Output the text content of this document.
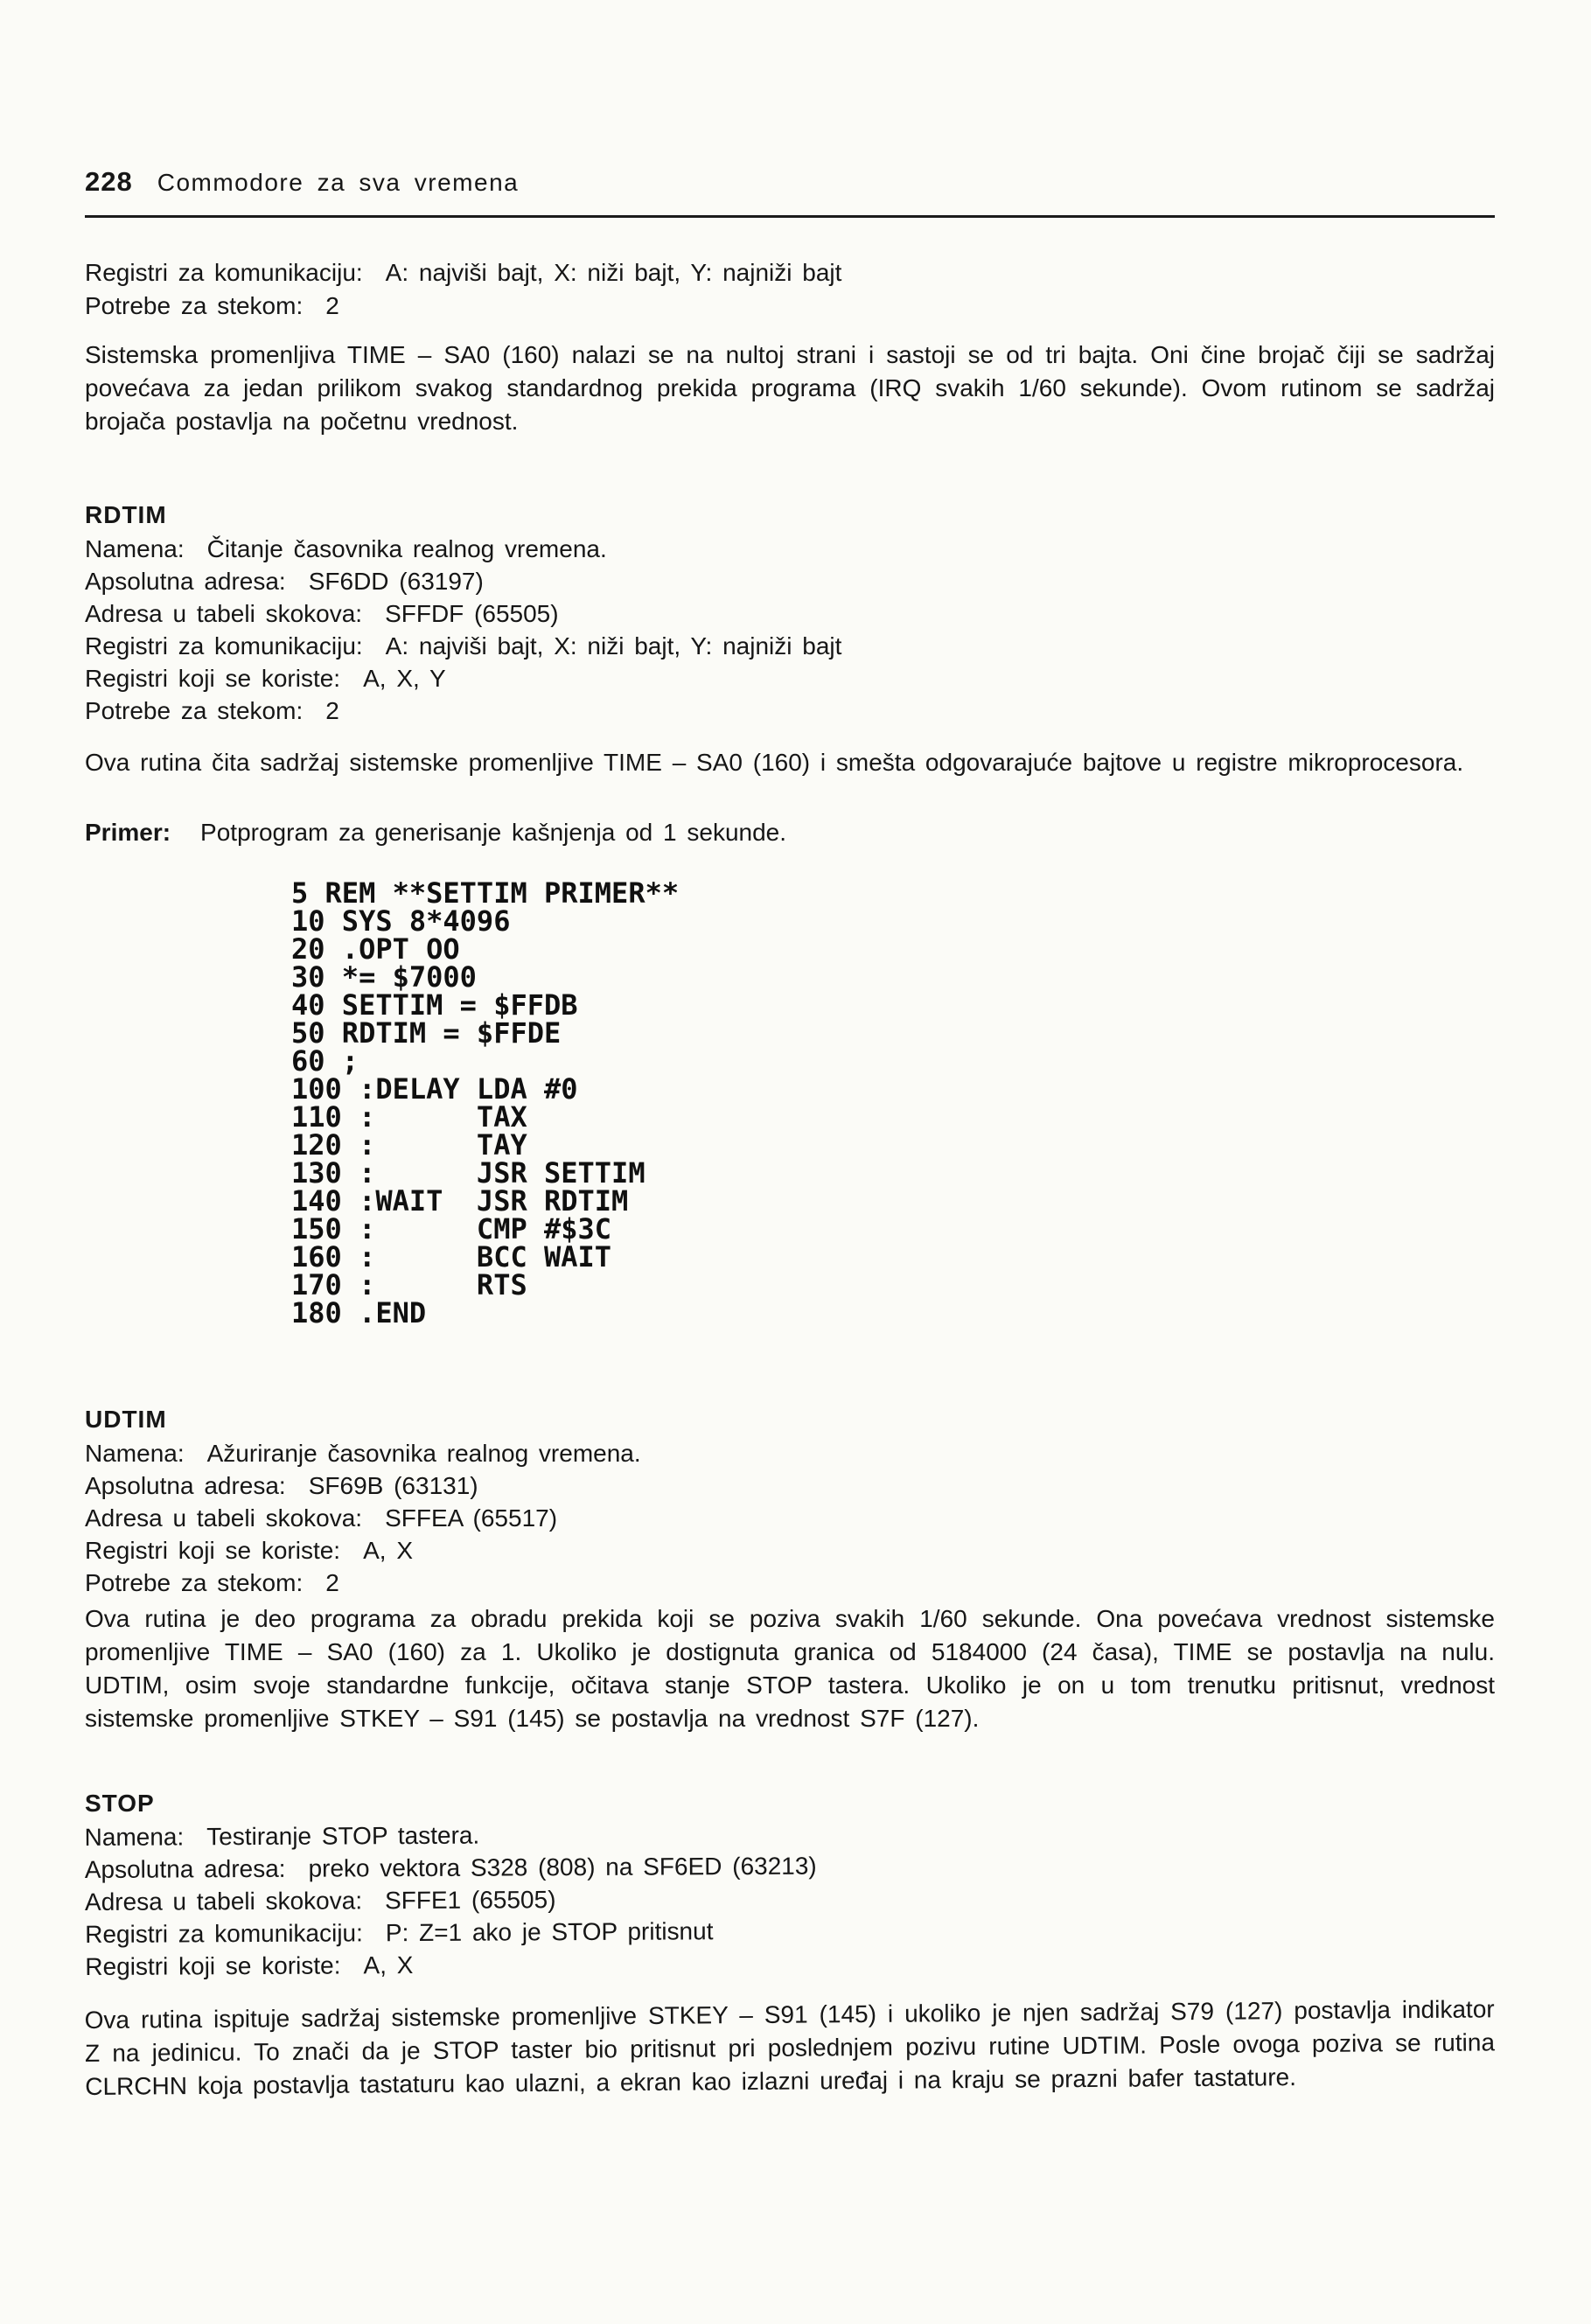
228 Commodore za sva vremena
Registri za komunikaciju: A: najviši bajt, X: niži bajt, Y: najniži bajt
Potrebe za stekom: 2

Sistemska promenljiva TIME – SA0 (160) nalazi se na nultoj strani i sastoji se od tri bajta. Oni čine brojač čiji se sadržaj povećava za jedan prilikom svakog standardnog prekida programa (IRQ svakih 1/60 sekunde). Ovom rutinom se sadržaj brojača postavlja na početnu vrednost.

RDTIM
Namena: Čitanje časovnika realnog vremena.
Apsolutna adresa: SF6DD (63197)
Adresa u tabeli skokova: SFFDF (65505)
Registri za komunikaciju: A: najviši bajt, X: niži bajt, Y: najniži bajt
Registri koji se koriste: A, X, Y
Potrebe za stekom: 2

Ova rutina čita sadržaj sistemske promenljive TIME – SA0 (160) i smešta odgovarajuće bajtove u registre mikroprocesora.

Primer: Potprogram za generisanje kašnjenja od 1 sekunde.
5 REM **SETTIM PRIMER**
10 SYS 8*4096
20 .OPT OO
30 *= $7000
40 SETTIM = $FFDB
50 RDTIM = $FFDE
60 ;
100 :DELAY LDA #0
110 :      TAX
120 :      TAY
130 :      JSR SETTIM
140 :WAIT  JSR RDTIM
150 :      CMP #$3C
160 :      BCC WAIT
170 :      RTS
180 .END
UDTIM
Namena: Ažuriranje časovnika realnog vremena.
Apsolutna adresa: SF69B (63131)
Adresa u tabeli skokova: SFFEA (65517)
Registri koji se koriste: A, X
Potrebe za stekom: 2

Ova rutina je deo programa za obradu prekida koji se poziva svakih 1/60 sekunde. Ona povećava vrednost sistemske promenljive TIME – SA0 (160) za 1. Ukoliko je dostignuta granica od 5184000 (24 časa), TIME se postavlja na nulu. UDTIM, osim svoje standardne funkcije, očitava stanje STOP tastera. Ukoliko je on u tom trenutku pritisnut, vrednost sistemske promenljive STKEY – S91 (145) se postavlja na vrednost S7F (127).

STOP
Namena: Testiranje STOP tastera.
Apsolutna adresa: preko vektora S328 (808) na SF6ED (63213)
Adresa u tabeli skokova: SFFE1 (65505)
Registri za komunikaciju: P: Z=1 ako je STOP pritisnut
Registri koji se koriste: A, X

Ova rutina ispituje sadržaj sistemske promenljive STKEY – S91 (145) i ukoliko je njen sadržaj S79 (127) postavlja indikator Z na jedinicu. To znači da je STOP taster bio pritisnut pri poslednjem pozivu rutine UDTIM. Posle ovoga poziva se rutina CLRCHN koja postavlja tastaturu kao ulazni, a ekran kao izlazni uređaj i na kraju se prazni bafer tastature.
